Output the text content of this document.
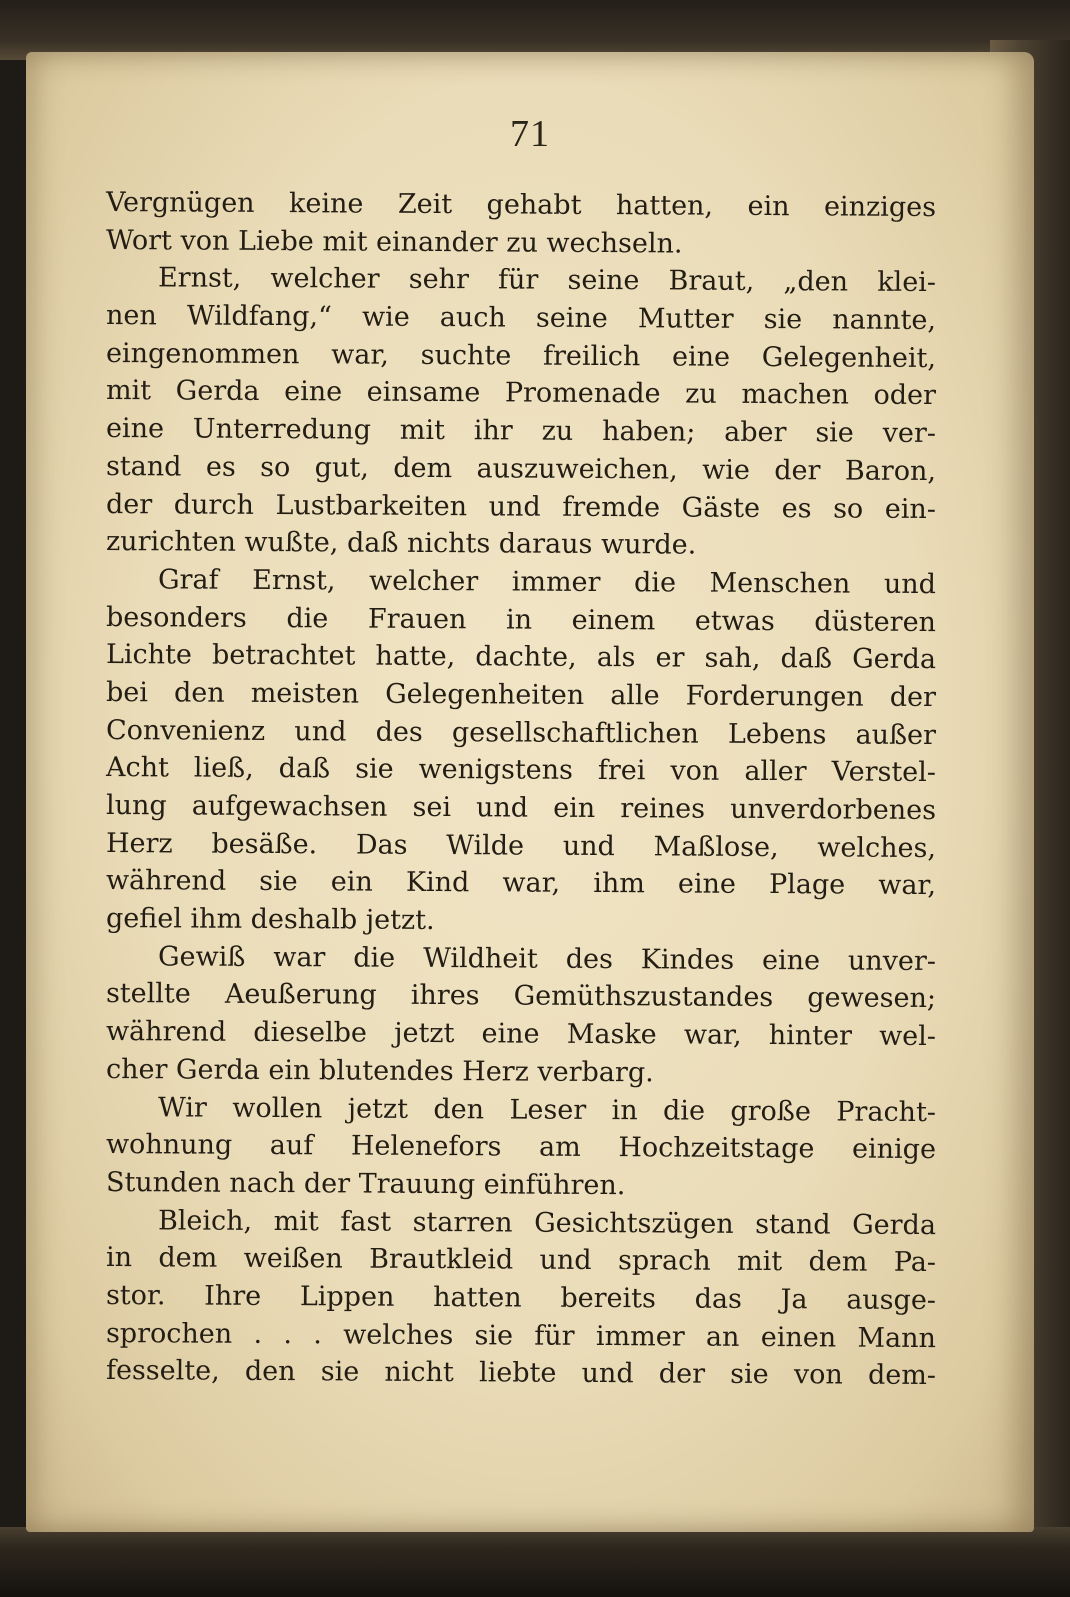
71
Vergnügen keine Zeit gehabt hatten, ein einziges
Wort von Liebe mit einander zu wechseln.
Ernst, welcher sehr für seine Braut, „den klei-
nen Wildfang,“ wie auch seine Mutter sie nannte,
eingenommen war, suchte freilich eine Gelegenheit,
mit Gerda eine einsame Promenade zu machen oder
eine Unterredung mit ihr zu haben; aber sie ver-
stand es so gut, dem auszuweichen, wie der Baron,
der durch Lustbarkeiten und fremde Gäste es so ein-
zurichten wußte, daß nichts daraus wurde.
Graf Ernst, welcher immer die Menschen und
besonders die Frauen in einem etwas düsteren
Lichte betrachtet hatte, dachte, als er sah, daß Gerda
bei den meisten Gelegenheiten alle Forderungen der
Convenienz und des gesellschaftlichen Lebens außer
Acht ließ, daß sie wenigstens frei von aller Verstel-
lung aufgewachsen sei und ein reines unverdorbenes
Herz besäße. Das Wilde und Maßlose, welches,
während sie ein Kind war, ihm eine Plage war,
gefiel ihm deshalb jetzt.
Gewiß war die Wildheit des Kindes eine unver-
stellte Aeußerung ihres Gemüthszustandes gewesen;
während dieselbe jetzt eine Maske war, hinter wel-
cher Gerda ein blutendes Herz verbarg.
Wir wollen jetzt den Leser in die große Pracht-
wohnung auf Helenefors am Hochzeitstage einige
Stunden nach der Trauung einführen.
Bleich, mit fast starren Gesichtszügen stand Gerda
in dem weißen Brautkleid und sprach mit dem Pa-
stor. Ihre Lippen hatten bereits das Ja ausge-
sprochen . . . welches sie für immer an einen Mann
fesselte, den sie nicht liebte und der sie von dem-
